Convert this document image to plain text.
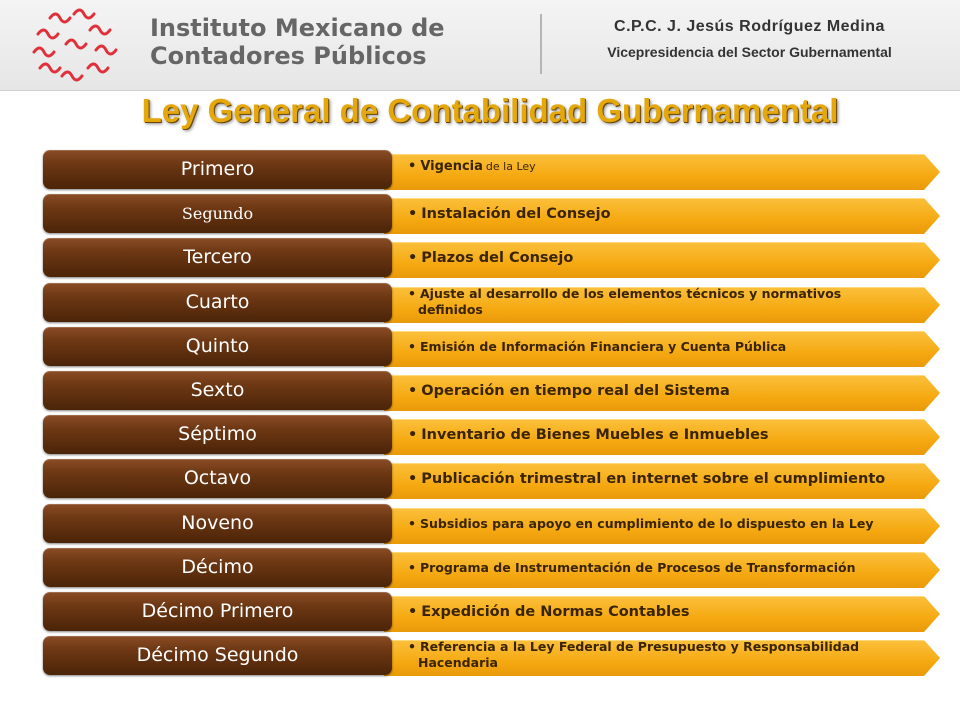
Instituto Mexicano de
Contadores Públicos
C.P.C. J. Jesús Rodríguez Medina
Vicepresidencia del Sector Gubernamental
Ley General de Contabilidad Gubernamental
• Vigencia de la Ley
Primero
• Instalación del Consejo
Segundo
• Plazos del Consejo
Tercero
• Ajuste al desarrollo de los elementos técnicos y normativos
definidos
Cuarto
• Emisión de Información Financiera y Cuenta Pública
Quinto
• Operación en tiempo real del Sistema
Sexto
• Inventario de Bienes Muebles e Inmuebles
Séptimo
• Publicación trimestral en internet sobre el cumplimiento
Octavo
• Subsidios para apoyo en cumplimiento de lo dispuesto en la Ley
Noveno
• Programa de Instrumentación de Procesos de Transformación
Décimo
• Expedición de Normas Contables
Décimo Primero
• Referencia a la Ley Federal de Presupuesto y Responsabilidad
Hacendaria
Décimo Segundo
